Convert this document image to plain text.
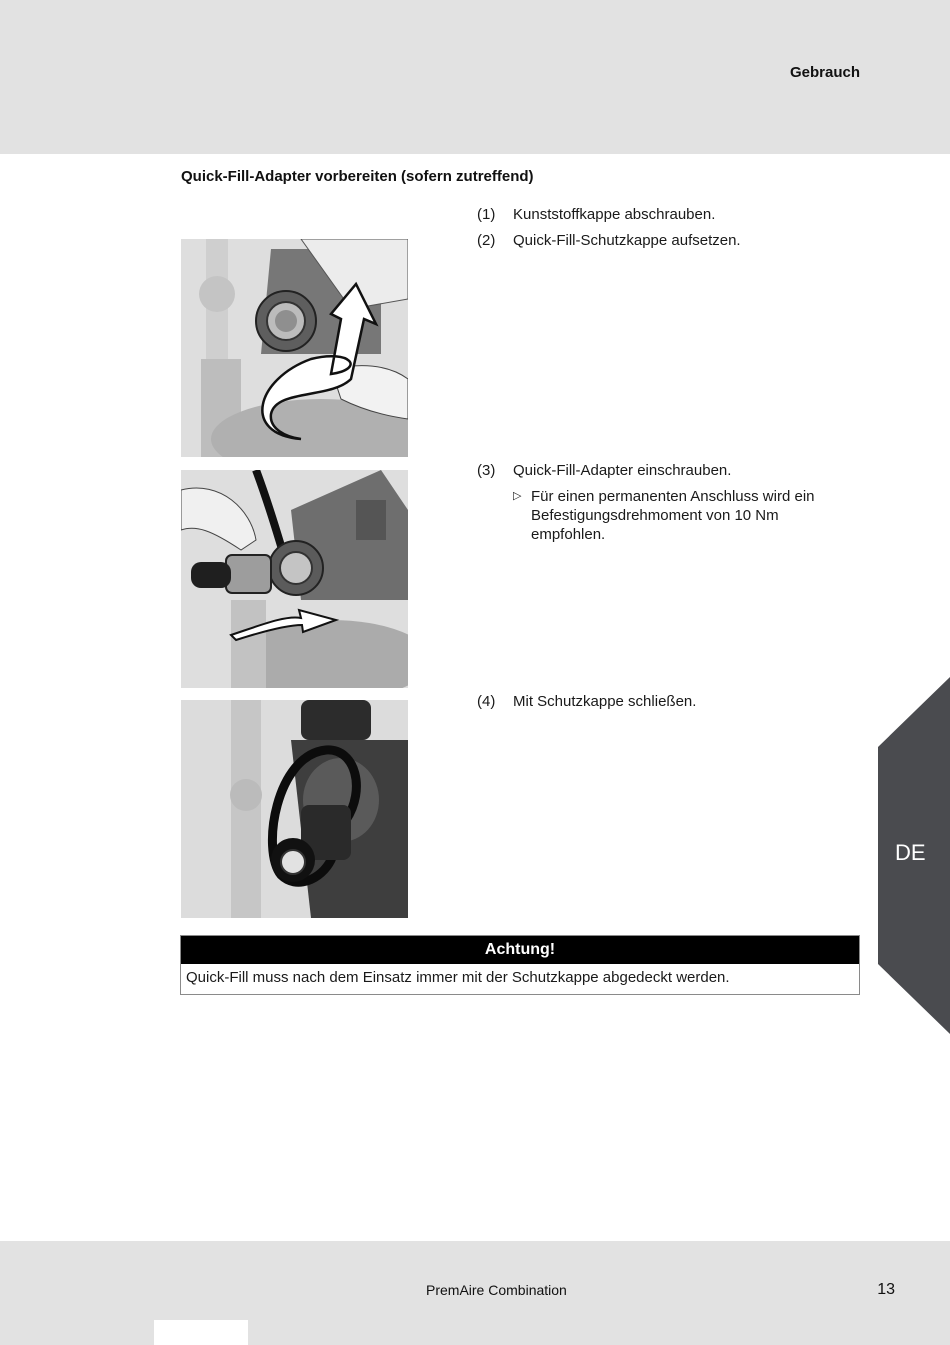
Gebrauch
Quick-Fill-Adapter vorbereiten (sofern zutreffend)
(1) Kunststoffkappe abschrauben.
(2) Quick-Fill-Schutzkappe aufsetzen.
(3) Quick-Fill-Adapter einschrauben.
▷ Für einen permanenten Anschluss wird ein Befestigungsdrehmoment von 10 Nm empfohlen.
(4) Mit Schutzkappe schließen.
DE
Achtung!
Quick-Fill muss nach dem Einsatz immer mit der Schutzkappe abgedeckt werden.
PremAire Combination	13
